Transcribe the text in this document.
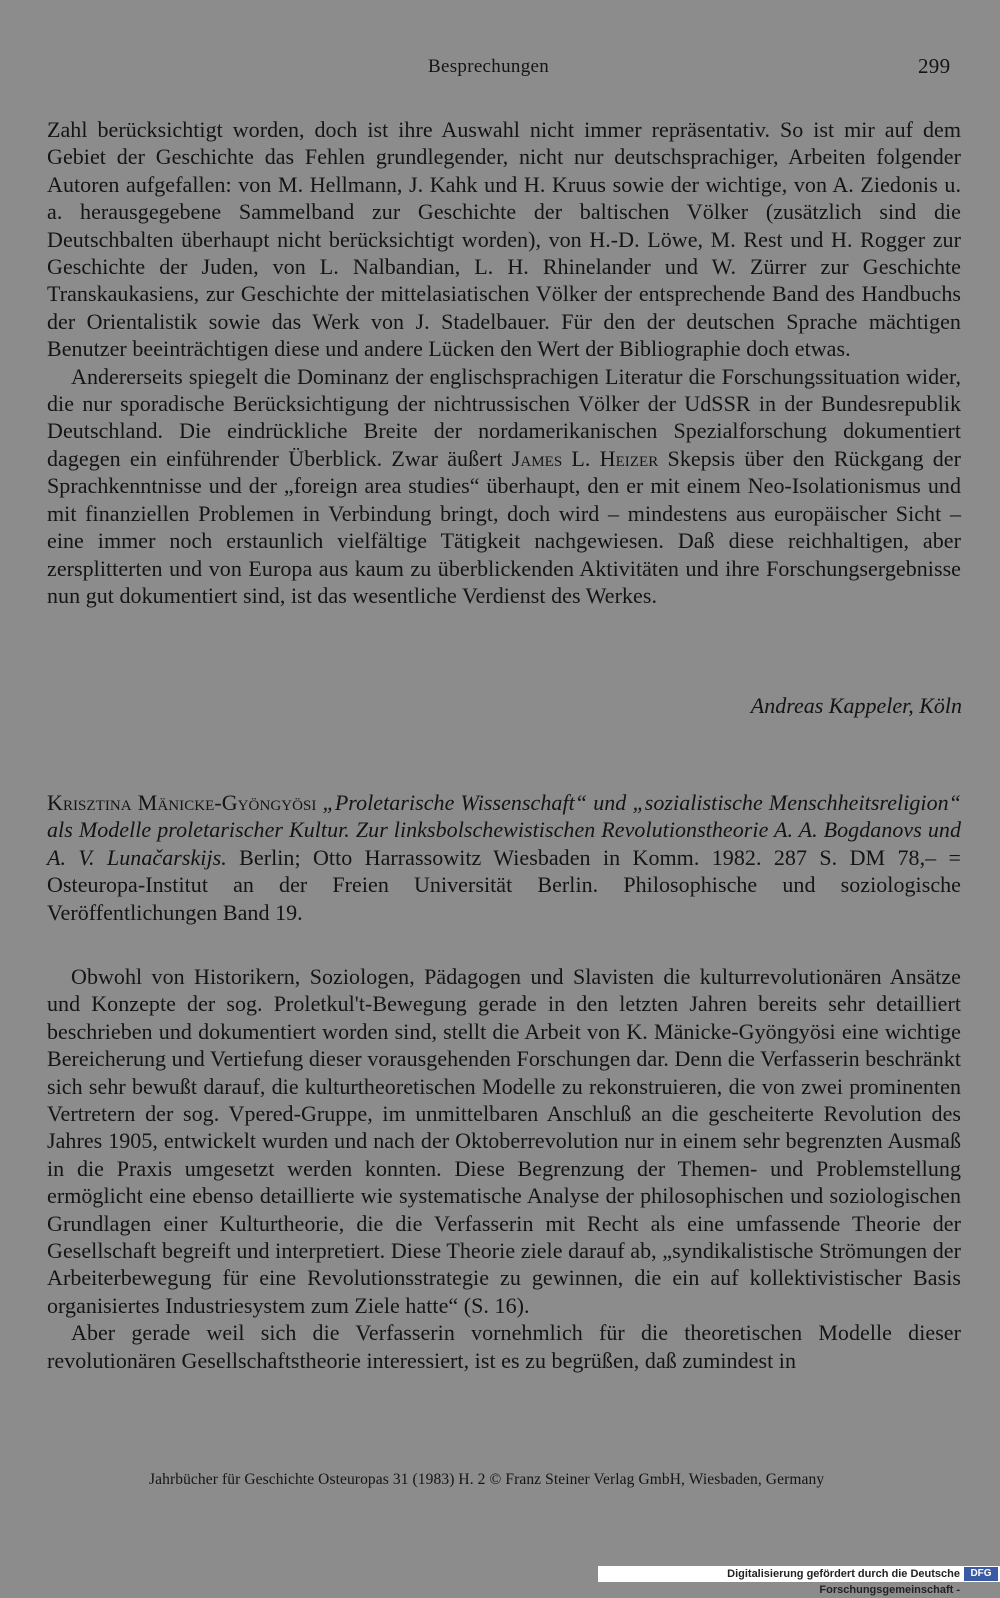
Besprechungen	299

Zahl berücksichtigt worden, doch ist ihre Auswahl nicht immer repräsentativ. So ist mir auf dem Gebiet der Geschichte das Fehlen grundlegender, nicht nur deutschsprachiger, Arbeiten folgender Autoren aufgefallen: von M. Hellmann, J. Kahk und H. Kruus sowie der wichtige, von A. Ziedonis u. a. herausgegebene Sammelband zur Geschichte der baltischen Völker (zusätzlich sind die Deutschbalten überhaupt nicht berücksichtigt worden), von H.-D. Löwe, M. Rest und H. Rogger zur Geschichte der Juden, von L. Nalbandian, L. H. Rhinelander und W. Zürrer zur Geschichte Transkaukasiens, zur Geschichte der mittelasiatischen Völker der entsprechende Band des Handbuchs der Orientalistik sowie das Werk von J. Stadelbauer. Für den der deutschen Sprache mächtigen Benutzer beeinträchtigen diese und andere Lücken den Wert der Bibliographie doch etwas.

Andererseits spiegelt die Dominanz der englischsprachigen Literatur die Forschungssituation wider, die nur sporadische Berücksichtigung der nichtrussischen Völker der UdSSR in der Bundesrepublik Deutschland. Die eindrückliche Breite der nordamerikanischen Spezialforschung dokumentiert dagegen ein einführender Überblick. Zwar äußert James L. Heizer Skepsis über den Rückgang der Sprachkenntnisse und der „foreign area studies“ überhaupt, den er mit einem Neo-Isolationismus und mit finanziellen Problemen in Verbindung bringt, doch wird – mindestens aus europäischer Sicht – eine immer noch erstaunlich vielfältige Tätigkeit nachgewiesen. Daß diese reichhaltigen, aber zersplitterten und von Europa aus kaum zu überblickenden Aktivitäten und ihre Forschungsergebnisse nun gut dokumentiert sind, ist das wesentliche Verdienst des Werkes.

Andreas Kappeler, Köln

Krisztina Mänicke-Gyöngyösi „Proletarische Wissenschaft“ und „sozialistische Menschheitsreligion“ als Modelle proletarischer Kultur. Zur linksbolschewistischen Revolutionstheorie A. A. Bogdanovs und A. V. Lunačarskijs. Berlin; Otto Harrassowitz Wiesbaden in Komm. 1982. 287 S. DM 78,– = Osteuropa-Institut an der Freien Universität Berlin. Philosophische und soziologische Veröffentlichungen Band 19.

Obwohl von Historikern, Soziologen, Pädagogen und Slavisten die kulturrevolutionären Ansätze und Konzepte der sog. Proletkul't-Bewegung gerade in den letzten Jahren bereits sehr detailliert beschrieben und dokumentiert worden sind, stellt die Arbeit von K. Mänicke-Gyöngyösi eine wichtige Bereicherung und Vertiefung dieser vorausgehenden Forschungen dar. Denn die Verfasserin beschränkt sich sehr bewußt darauf, die kulturtheoretischen Modelle zu rekonstruieren, die von zwei prominenten Vertretern der sog. Vpered-Gruppe, im unmittelbaren Anschluß an die gescheiterte Revolution des Jahres 1905, entwickelt wurden und nach der Oktoberrevolution nur in einem sehr begrenzten Ausmaß in die Praxis umgesetzt werden konnten. Diese Begrenzung der Themen- und Problemstellung ermöglicht eine ebenso detaillierte wie systematische Analyse der philosophischen und soziologischen Grundlagen einer Kulturtheorie, die die Verfasserin mit Recht als eine umfassende Theorie der Gesellschaft begreift und interpretiert. Diese Theorie ziele darauf ab, „syndikalistische Strömungen der Arbeiterbewegung für eine Revolutionsstrategie zu gewinnen, die ein auf kollektivistischer Basis organisiertes Industriesystem zum Ziele hatte“ (S. 16).

Aber gerade weil sich die Verfasserin vornehmlich für die theoretischen Modelle dieser revolutionären Gesellschaftstheorie interessiert, ist es zu begrüßen, daß zumindest in

Jahrbücher für Geschichte Osteuropas 31 (1983) H. 2 © Franz Steiner Verlag GmbH, Wiesbaden, Germany
Digitalisierung gefördert durch die Deutsche Forschungsgemeinschaft -
DFG
